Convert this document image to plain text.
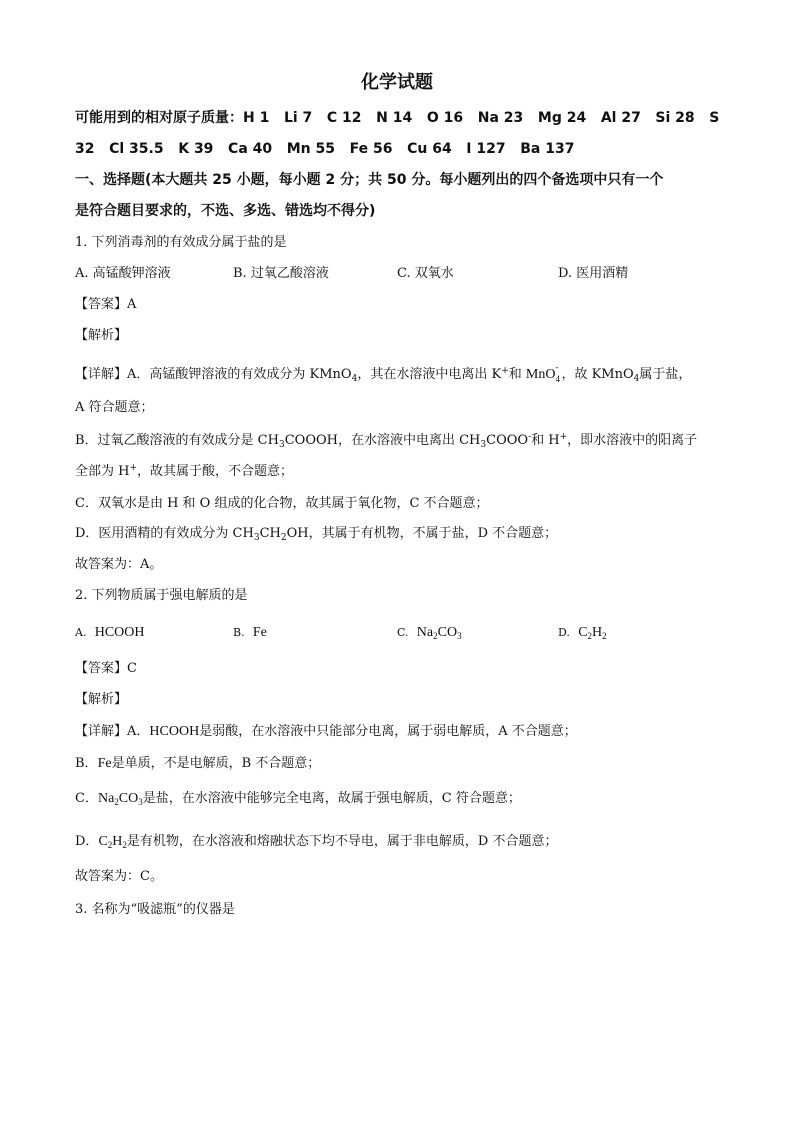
化学试题
可能用到的相对原子质量：H 1   Li 7   C 12   N 14   O 16   Na 23   Mg 24   Al 27   Si 28   S
32   Cl 35.5   K 39   Ca 40   Mn 55   Fe 56   Cu 64   I 127   Ba 137
一、选择题(本大题共 25 小题，每小题 2 分；共 50 分。每小题列出的四个备选项中只有一个
是符合题目要求的，不选、多选、错选均不得分)
1. 下列消毒剂的有效成分属于盐的是
A. 高锰酸钾溶液	B. 过氧乙酸溶液	C. 双氧水	D. 医用酒精
【答案】A
【解析】
【详解】A．高锰酸钾溶液的有效成分为 KMnO$_4$，其在水溶液中电离出 K+和 MnO -
4 ，故 KMnO$_4$属于盐，
A 符合题意；
B．过氧乙酸溶液的有效成分是 $CH_3COOOH$，在水溶液中电离出 $CH_3COOO^-$和 H+，即水溶液中的阳离子
全部为 H+，故其属于酸，不合题意；
C．双氧水是由 H 和 O 组成的化合物，故其属于氧化物，C 不合题意；
D．医用酒精的有效成分为 $CH_3CH_2OH$，其属于有机物，不属于盐，D 不合题意；
故答案为：A。
2. 下列物质属于强电解质的是
A. HCOOH	B. Fe	C. $Na_2CO_3$	D. $C_2H_2$
【答案】C
【解析】
【详解】A．HCOOH是弱酸，在水溶液中只能部分电离，属于弱电解质，A 不合题意；
B．Fe是单质，不是电解质，B 不合题意；
C．$Na_2CO_3$是盐，在水溶液中能够完全电离，故属于强电解质，C 符合题意；
D．$C_2H_2$是有机物，在水溶液和熔融状态下均不导电，属于非电解质，D 不合题意；
故答案为：C。
3. 名称为“吸滤瓶”的仪器是
